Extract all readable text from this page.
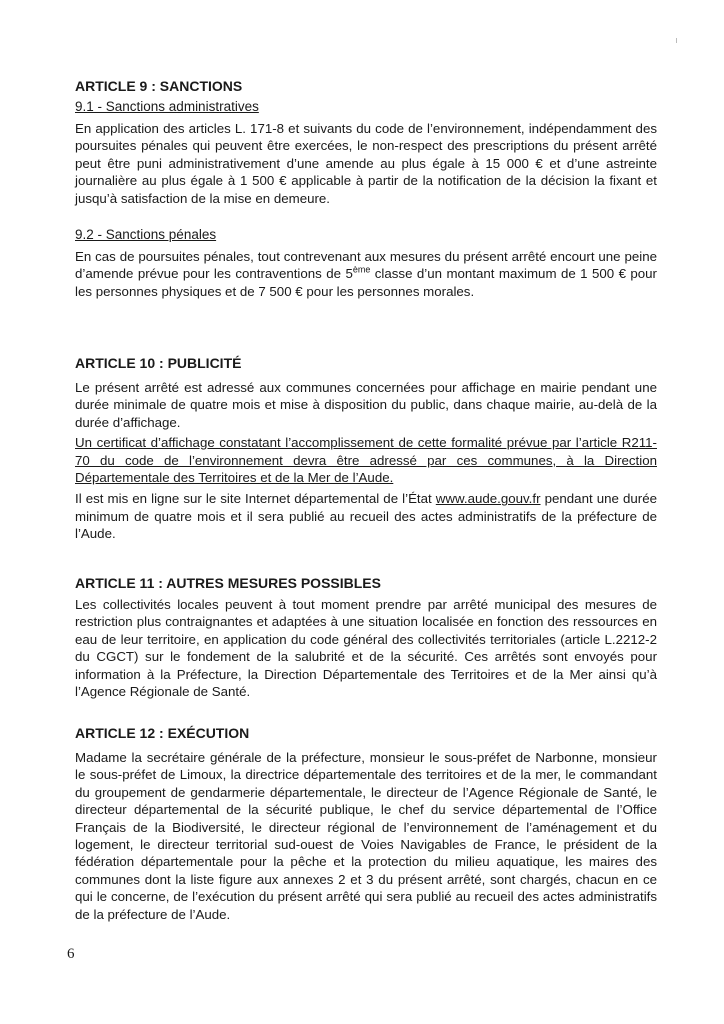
ARTICLE 9 : SANCTIONS

9.1 - Sanctions administratives

En application des articles L. 171-8 et suivants du code de l’environnement, indépendamment des poursuites pénales qui peuvent être exercées, le non-respect des prescriptions du présent arrêté peut être puni administrativement d’une amende au plus égale à 15 000 € et d’une astreinte journalière au plus égale à 1 500 € applicable à partir de la notification de la décision la fixant et jusqu’à satisfaction de la mise en demeure.

9.2 - Sanctions pénales

En cas de poursuites pénales, tout contrevenant aux mesures du présent arrêté encourt une peine d’amende prévue pour les contraventions de 5ème classe d’un montant maximum de 1 500 € pour les personnes physiques et de 7 500 € pour les personnes morales.

ARTICLE 10 : PUBLICITÉ

Le présent arrêté est adressé aux communes concernées pour affichage en mairie pendant une durée minimale de quatre mois et mise à disposition du public, dans chaque mairie, au-delà de la durée d’affichage.

Un certificat d’affichage constatant l’accomplissement de cette formalité prévue par l’article R211-70 du code de l’environnement devra être adressé par ces communes, à la Direction Départementale des Territoires et de la Mer de l’Aude.

Il est mis en ligne sur le site Internet départemental de l’État www.aude.gouv.fr pendant une durée minimum de quatre mois et il sera publié au recueil des actes administratifs de la préfecture de l’Aude.

ARTICLE 11 : AUTRES MESURES POSSIBLES

Les collectivités locales peuvent à tout moment prendre par arrêté municipal des mesures de restriction plus contraignantes et adaptées à une situation localisée en fonction des ressources en eau de leur territoire, en application du code général des collectivités territoriales (article L.2212-2 du CGCT) sur le fondement de la salubrité et de la sécurité. Ces arrêtés sont envoyés pour information à la Préfecture, la Direction Départementale des Territoires et de la Mer ainsi qu’à l’Agence Régionale de Santé.

ARTICLE 12 : EXÉCUTION

Madame la secrétaire générale de la préfecture, monsieur le sous-préfet de Narbonne, monsieur le sous-préfet de Limoux, la directrice départementale des territoires et de la mer, le commandant du groupement de gendarmerie départementale, le directeur de l’Agence Régionale de Santé, le directeur départemental de la sécurité publique, le chef du service départemental de l’Office Français de la Biodiversité, le directeur régional de l’environnement de l’aménagement et du logement, le directeur territorial sud-ouest de Voies Navigables de France, le président de la fédération départementale pour la pêche et la protection du milieu aquatique, les maires des communes dont la liste figure aux annexes 2 et 3 du présent arrêté, sont chargés, chacun en ce qui le concerne, de l’exécution du présent arrêté qui sera publié au recueil des actes administratifs de la préfecture de l’Aude.

6
